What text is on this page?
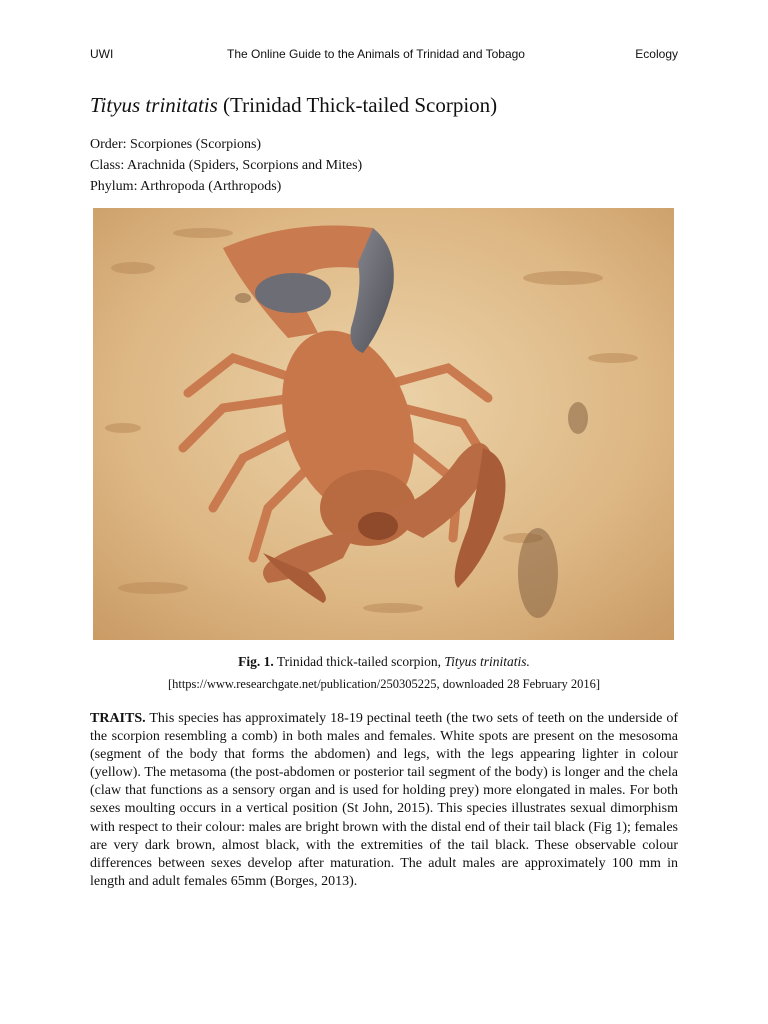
UWI	The Online Guide to the Animals of Trinidad and Tobago	Ecology
Tityus trinitatis (Trinidad Thick-tailed Scorpion)
Order: Scorpiones (Scorpions)
Class: Arachnida (Spiders, Scorpions and Mites)
Phylum: Arthropoda (Arthropods)
Fig. 1. Trinidad thick-tailed scorpion, Tityus trinitatis.
[https://www.researchgate.net/publication/250305225, downloaded 28 February 2016]

TRAITS. This species has approximately 18-19 pectinal teeth (the two sets of teeth on the underside of the scorpion resembling a comb) in both males and females. White spots are present on the mesosoma (segment of the body that forms the abdomen) and legs, with the legs appearing lighter in colour (yellow). The metasoma (the post-abdomen or posterior tail segment of the body) is longer and the chela (claw that functions as a sensory organ and is used for holding prey) more elongated in males. For both sexes moulting occurs in a vertical position (St John, 2015). This species illustrates sexual dimorphism with respect to their colour: males are bright brown with the distal end of their tail black (Fig 1); females are very dark brown, almost black, with the extremities of the tail black. These observable colour differences between sexes develop after maturation. The adult males are approximately 100 mm in length and adult females 65mm (Borges, 2013).
